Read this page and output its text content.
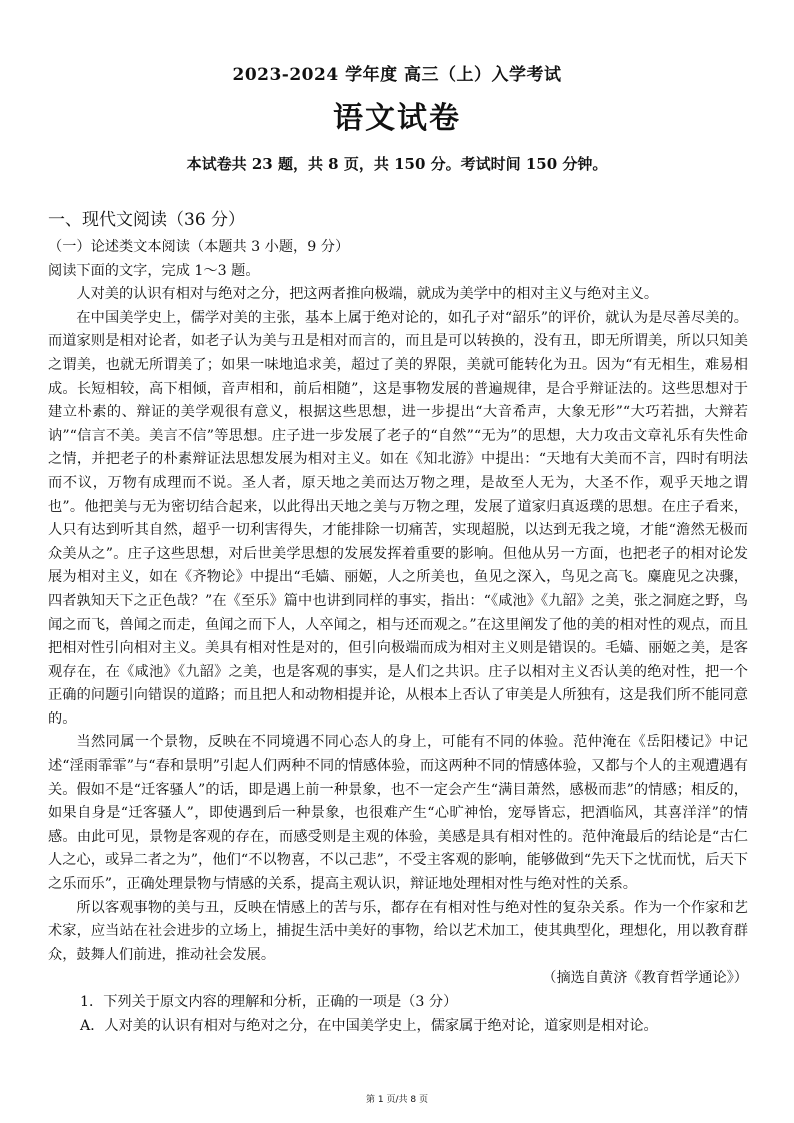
2023-2024 学年度 高三（上）入学考试
语文试卷
本试卷共 23 题，共 8 页，共 150 分。考试时间 150 分钟。
一、现代文阅读（36 分）

（一）论述类文本阅读（本题共 3 小题，9 分）

阅读下面的文字，完成 1～3 题。

人对美的认识有相对与绝对之分，把这两者推向极端，就成为美学中的相对主义与绝对主义。

在中国美学史上，儒学对美的主张，基本上属于绝对论的，如孔子对“韶乐”的评价，就认为是尽善尽美的。而道家则是相对论者，如老子认为美与丑是相对而言的，而且是可以转换的，没有丑，即无所谓美，所以只知美之谓美，也就无所谓美了；如果一味地追求美，超过了美的界限，美就可能转化为丑。因为“有无相生，难易相成。长短相较，高下相倾，音声相和，前后相随”，这是事物发展的普遍规律，是合乎辩证法的。这些思想对于建立朴素的、辩证的美学观很有意义，根据这些思想，进一步提出“大音希声，大象无形”“大巧若拙，大辩若讷”“信言不美。美言不信”等思想。庄子进一步发展了老子的“自然”“无为”的思想，大力攻击文章礼乐有失性命之情，并把老子的朴素辩证法思想发展为相对主义。如在《知北游》中提出：“天地有大美而不言，四时有明法而不议，万物有成理而不说。圣人者，原天地之美而达万物之理，是故至人无为，大圣不作，观乎天地之谓也”。他把美与无为密切结合起来，以此得出天地之美与万物之理，发展了道家归真返璞的思想。在庄子看来，人只有达到听其自然，超乎一切利害得失，才能排除一切痛苦，实现超脱，以达到无我之境，才能“澹然无极而众美从之”。庄子这些思想，对后世美学思想的发展发挥着重要的影响。但他从另一方面，也把老子的相对论发展为相对主义，如在《齐物论》中提出“毛嫱、丽姬，人之所美也，鱼见之深入，鸟见之高飞。麋鹿见之决骤，四者孰知天下之正色哉？”在《至乐》篇中也讲到同样的事实，指出：“《咸池》《九韶》之美，张之洞庭之野，鸟闻之而飞，兽闻之而走，鱼闻之而下人，人卒闻之，相与还而观之。”在这里阐发了他的美的相对性的观点，而且把相对性引向相对主义。美具有相对性是对的，但引向极端而成为相对主义则是错误的。毛嫱、丽姬之美，是客观存在，在《咸池》《九韶》之美，也是客观的事实，是人们之共识。庄子以相对主义否认美的绝对性，把一个正确的问题引向错误的道路；而且把人和动物相提并论，从根本上否认了审美是人所独有，这是我们所不能同意的。

当然同属一个景物，反映在不同境遇不同心态人的身上，可能有不同的体验。范仲淹在《岳阳楼记》中记述“淫雨霏霏”与“春和景明”引起人们两种不同的情感体验，而这两种不同的情感体验，又都与个人的主观遭遇有关。假如不是“迁客骚人”的话，即是遇上前一种景象，也不一定会产生“满目萧然，感极而悲”的情感；相反的，如果自身是“迁客骚人”，即使遇到后一种景象，也很难产生“心旷神怡，宠辱皆忘，把酒临风，其喜洋洋”的情感。由此可见，景物是客观的存在，而感受则是主观的体验，美感是具有相对性的。范仲淹最后的结论是“古仁人之心，或异二者之为”，他们“不以物喜，不以己悲”，不受主客观的影响，能够做到“先天下之忧而忧，后天下之乐而乐”，正确处理景物与情感的关系，提高主观认识，辩证地处理相对性与绝对性的关系。

所以客观事物的美与丑，反映在情感上的苦与乐，都存在有相对性与绝对性的复杂关系。作为一个作家和艺术家，应当站在社会进步的立场上，捕捉生活中美好的事物，给以艺术加工，使其典型化，理想化，用以教育群众，鼓舞人们前进，推动社会发展。

（摘选自黄济《教育哲学通论》）

1．下列关于原文内容的理解和分析，正确的一项是（3 分）

A．人对美的认识有相对与绝对之分，在中国美学史上，儒家属于绝对论，道家则是相对论。

第 1 页/共 8 页
